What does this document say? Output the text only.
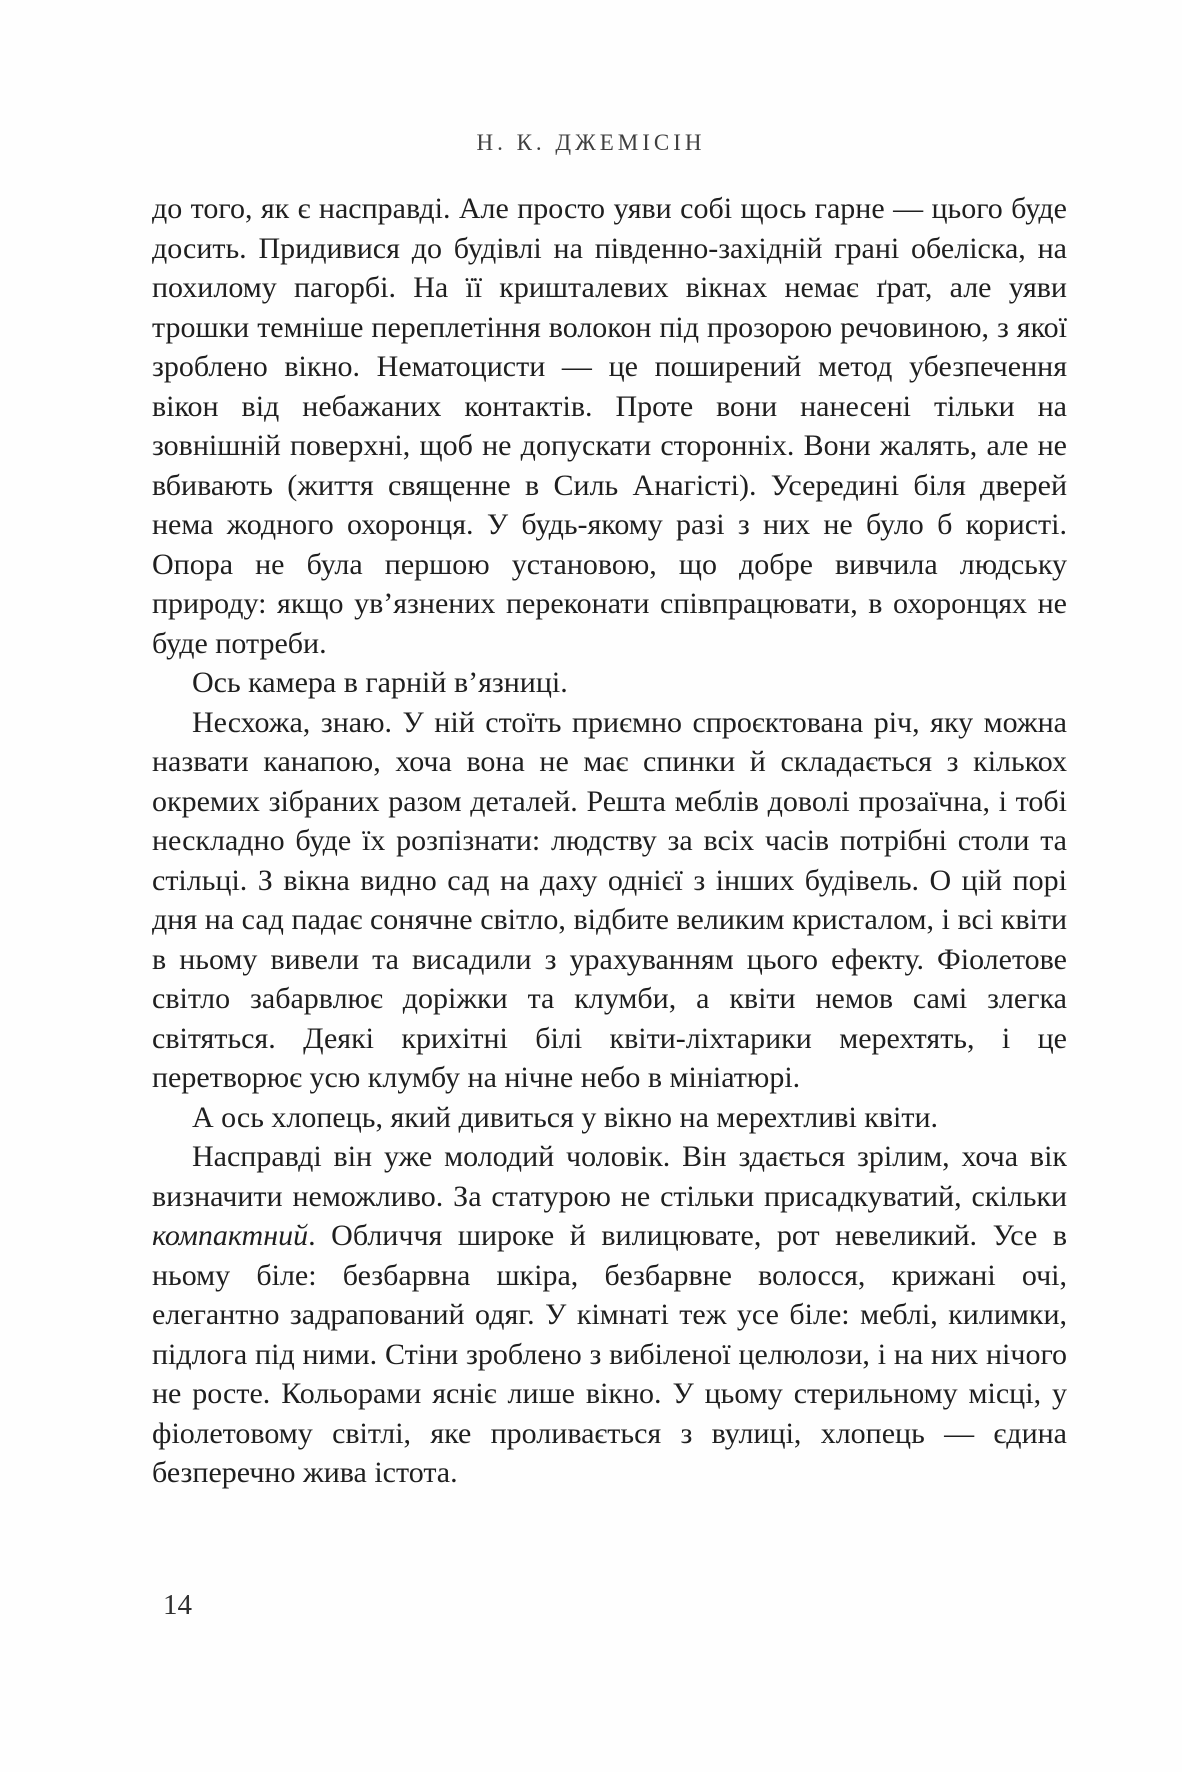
Н. К. ДЖЕМІСІН

до того, як є насправді. Але просто уяви собі щось гарне — цього буде досить. Придивися до будівлі на південно-західній грані обеліска, на похилому пагорбі. На її кришталевих вікнах немає ґрат, але уяви трошки темніше переплетіння волокон під прозорою речовиною, з якої зроблено вікно. Нематоцисти — це поширений метод убезпечення вікон від небажаних контактів. Проте вони нанесені тільки на зовнішній поверхні, щоб не допускати сторонніх. Вони жалять, але не вбивають (життя священне в Силь Анагісті). Усередині біля дверей нема жодного охоронця. У будь-якому разі з них не було б користі. Опора не була першою установою, що добре вивчила людську природу: якщо ув’язнених переконати співпрацювати, в охоронцях не буде потреби.

Ось камера в гарній в’язниці.

Несхожа, знаю. У ній стоїть приємно спроєктована річ, яку можна назвати канапою, хоча вона не має спинки й складається з кількох окремих зібраних разом деталей. Решта меблів доволі прозаїчна, і тобі нескладно буде їх розпізнати: людству за всіх часів потрібні столи та стільці. З вікна видно сад на даху однієї з інших будівель. О цій порі дня на сад падає сонячне світло, відбите великим кристалом, і всі квіти в ньому вивели та висадили з урахуванням цього ефекту. Фіолетове світло забарвлює доріжки та клумби, а квіти немов самі злегка світяться. Деякі крихітні білі квіти-ліхтарики мерехтять, і це перетворює усю клумбу на нічне небо в мініатюрі.

А ось хлопець, який дивиться у вікно на мерехтливі квіти.

Насправді він уже молодий чоловік. Він здається зрілим, хоча вік визначити неможливо. За статурою не стільки присадкуватий, скільки компактний. Обличчя широке й вилицювате, рот невеликий. Усе в ньому біле: безбарвна шкіра, безбарвне волосся, крижані очі, елегантно задрапований одяг. У кімнаті теж усе біле: меблі, килимки, підлога під ними. Стіни зроблено з вибіленої целюлози, і на них нічого не росте. Кольорами ясніє лише вікно. У цьому стерильному місці, у фіолетовому світлі, яке проливається з вулиці, хлопець — єдина безперечно жива істота.

14
